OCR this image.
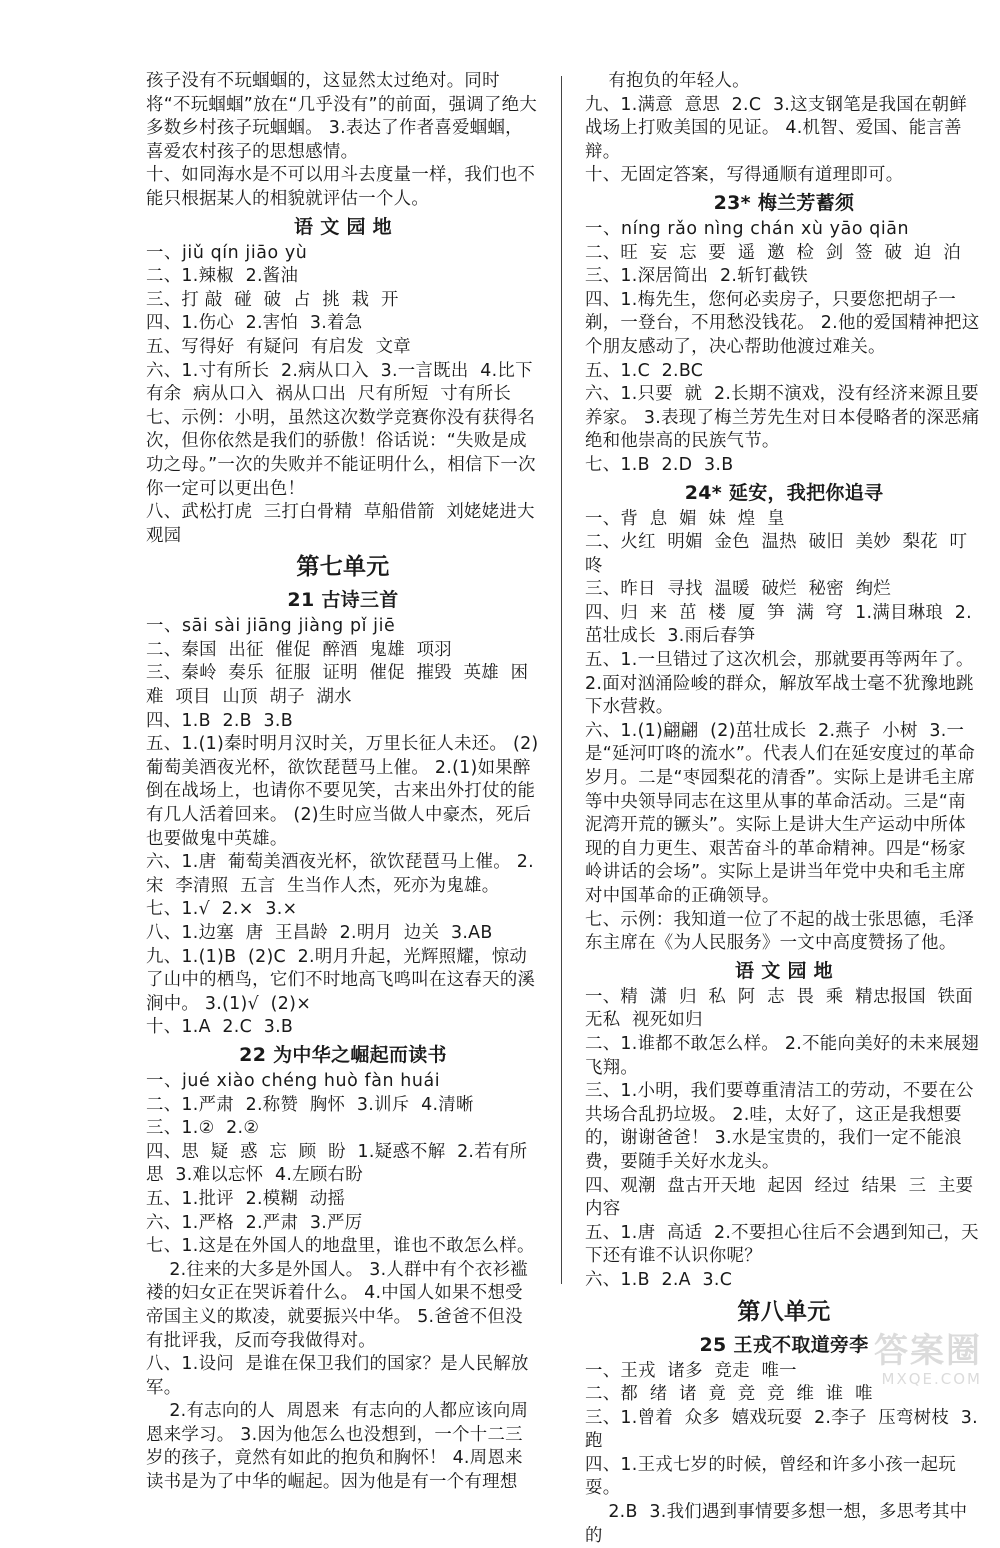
孩子没有不玩蝈蝈的，这显然太过绝对。同时将“不玩蝈蝈”放在“几乎没有”的前面，强调了绝大多数乡村孩子玩蝈蝈。 3.表达了作者喜爱蝈蝈，喜爱农村孩子的思想感情。
十、如同海水是不可以用斗去度量一样，我们也不能只根据某人的相貌就评估一个人。
语 文 园 地
一、jiǔ qín jiāo yù
二、1.辣椒  2.酱油
三、打 敲  碰  破  占  挑  栽  开
四、1.伤心  2.害怕  3.着急
五、写得好  有疑问  有启发  文章
六、1.寸有所长  2.病从口入  3.一言既出  4.比下有余  病从口入  祸从口出  尺有所短  寸有所长
七、示例：小明，虽然这次数学竞赛你没有获得名次，但你依然是我们的骄傲！俗话说：“失败是成功之母。”一次的失败并不能证明什么，相信下一次你一定可以更出色！
八、武松打虎  三打白骨精  草船借箭  刘姥姥进大观园
第七单元
21 古诗三首
一、sāi sài jiāng jiàng pǐ jiē
二、秦国  出征  催促  醉酒  鬼雄  项羽
三、秦岭  奏乐  征服  证明  催促  摧毁  英雄  困难  项目  山顶  胡子  湖水
四、1.B  2.B  3.B
五、1.(1)秦时明月汉时关，万里长征人未还。 (2)葡萄美酒夜光杯，欲饮琵琶马上催。 2.(1)如果醉倒在战场上，也请你不要见笑，古来出外打仗的能有几人活着回来。 (2)生时应当做人中豪杰，死后也要做鬼中英雄。
六、1.唐  葡萄美酒夜光杯，欲饮琵琶马上催。 2.宋  李清照  五言  生当作人杰，死亦为鬼雄。
七、1.√  2.×  3.×
八、1.边塞  唐  王昌龄  2.明月  边关  3.AB
九、1.(1)B  (2)C  2.明月升起，光辉照耀，惊动了山中的栖鸟，它们不时地高飞鸣叫在这春天的溪涧中。 3.(1)√  (2)×
十、1.A  2.C  3.B
22 为中华之崛起而读书
一、jué xiào chéng huò fàn huái
二、1.严肃  2.称赞  胸怀  3.训斥  4.清晰
三、1.②  2.②
四、思  疑  惑  忘  顾  盼  1.疑惑不解  2.若有所思  3.难以忘怀  4.左顾右盼
五、1.批评  2.模糊  动摇
六、1.严格  2.严肃  3.严厉
七、1.这是在外国人的地盘里，谁也不敢怎么样。
2.往来的大多是外国人。 3.人群中有个衣衫褴褛的妇女正在哭诉着什么。 4.中国人如果不想受帝国主义的欺凌，就要振兴中华。 5.爸爸不但没有批评我，反而夸我做得对。
八、1.设问  是谁在保卫我们的国家？是人民解放军。
2.有志向的人  周恩来  有志向的人都应该向周恩来学习。 3.因为他怎么也没想到，一个十二三岁的孩子，竟然有如此的抱负和胸怀！ 4.周恩来读书是为了中华的崛起。因为他是有一个有理想
有抱负的年轻人。
九、1.满意  意思  2.C  3.这支钢笔是我国在朝鲜战场上打败美国的见证。 4.机智、爱国、能言善辩。
十、无固定答案，写得通顺有道理即可。
23* 梅兰芳蓄须
一、níng rǎo nìng chán xù yāo qiān
二、旺  妄  忘  要  遥  邀  检  剑  签  破  迫  泊
三、1.深居简出  2.斩钉截铁
四、1.梅先生，您何必卖房子，只要您把胡子一剃，一登台，不用愁没钱花。 2.他的爱国精神把这个朋友感动了，决心帮助他渡过难关。
五、1.C  2.BC
六、1.只要  就  2.长期不演戏，没有经济来源且要养家。 3.表现了梅兰芳先生对日本侵略者的深恶痛绝和他崇高的民族气节。
七、1.B  2.D  3.B
24* 延安，我把你追寻
一、背  息  媚  妹  煌  皇
二、火红  明媚  金色  温热  破旧  美妙  梨花  叮咚
三、昨日  寻找  温暖  破烂  秘密  绚烂
四、归  来  茁  楼  厦  笋  满  穹  1.满目琳琅  2.茁壮成长  3.雨后春笋
五、1.一旦错过了这次机会，那就要再等两年了。 2.面对汹涌险峻的群众，解放军战士毫不犹豫地跳下水营救。
六、1.(1)翩翩  (2)茁壮成长  2.燕子  小树  3.一是“延河叮咚的流水”。代表人们在延安度过的革命岁月。二是“枣园梨花的清香”。实际上是讲毛主席等中央领导同志在这里从事的革命活动。三是“南泥湾开荒的镢头”。实际上是讲大生产运动中所体现的自力更生、艰苦奋斗的革命精神。四是“杨家岭讲话的会场”。实际上是讲当年党中央和毛主席对中国革命的正确领导。
七、示例：我知道一位了不起的战士张思德，毛泽东主席在《为人民服务》一文中高度赞扬了他。
语 文 园 地
一、精  潇  归  私  阿  志  畏  乘  精忠报国  铁面无私  视死如归
二、1.谁都不敢怎么样。 2.不能向美好的未来展翅飞翔。
三、1.小明，我们要尊重清洁工的劳动，不要在公共场合乱扔垃圾。 2.哇，太好了，这正是我想要的，谢谢爸爸！ 3.水是宝贵的，我们一定不能浪费，要随手关好水龙头。
四、观潮  盘古开天地  起因  经过  结果  三  主要内容
五、1.唐  高适  2.不要担心往后不会遇到知己，天下还有谁不认识你呢？
六、1.B  2.A  3.C
第八单元
25 王戎不取道旁李
一、王戎  诸多  竞走  唯一
二、都  绪  诸  竟  竞  竞  维  谁  唯
三、1.曾着  众多  嬉戏玩耍  2.李子  压弯树枝  3.跑
四、1.王戎七岁的时候，曾经和许多小孩一起玩耍。
2.B  3.我们遇到事情要多想一想，多思考其中的
答案圈
MXQE.COM
